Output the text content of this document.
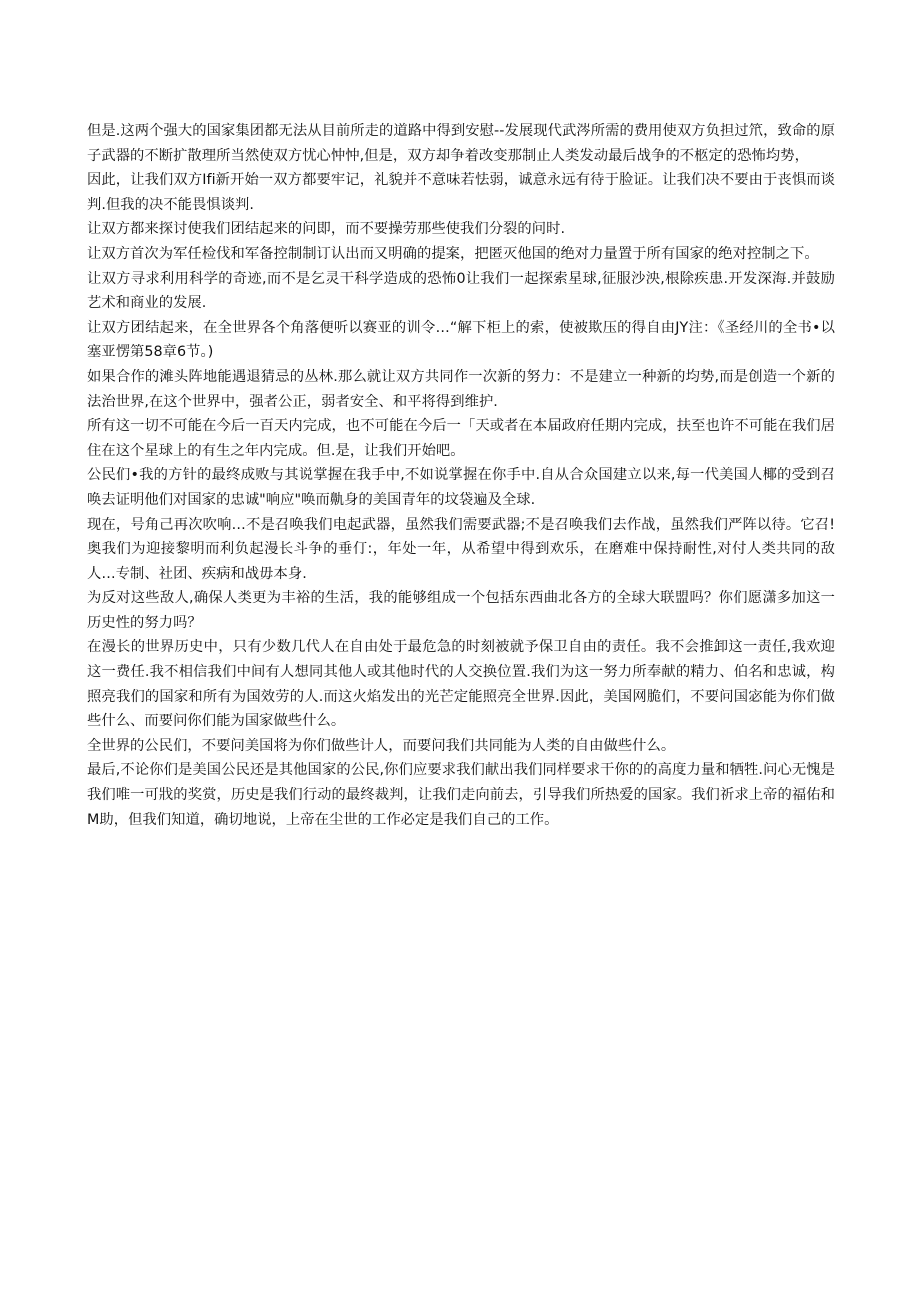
但是.这两个强大的国家集团都无法从目前所走的道路中得到安慰--发展现代武涔所需的费用使双方负担过笊，致命的原子武器的不断扩散理所当然使双方忧心忡忡,但是，双方却争着改变那制止人类发动最后战争的不柩定的恐怖均势，

因此，让我们双方Ifi新开始一双方都要牢记，礼貌并不意味若怯弱，诚意永远有待于脸证。让我们决不要由于丧惧而谈判.但我的决不能畏惧谈判.

让双方都来探讨使我们团结起来的问即，而不要操劳那些使我们分裂的问时.

让双方首次为军任检伐和军备控制制订认出而又明确的提案，把匿灭他国的绝对力量置于所有国家的绝对控制之下。

让双方寻求利用科学的奇迹,而不是乞灵干科学造成的恐怖0让我们一起探索星球,征服沙泱,根除疾患.开发深海.并鼓励艺术和商业的发展.

让双方团结起来，在全世界各个角落便听以赛亚的训令…“解下柜上的索，使被欺压的得自由JY注：《圣经川的全书•以塞亚愣第58章6节。)

如果合作的滩头阵地能遇退猜忌的丛林.那么就让双方共同作一次新的努力：不是建立一种新的均势,而是创造一个新的法治世界,在这个世界中，强者公正，弱者安全、和平将得到维护.

所有这一切不可能在今后一百天内完成，也不可能在今后一「天或者在本届政府任期内完成，扶至也许不可能在我们居住在这个星球上的有生之年内完成。但.是，让我们开始吧。

公民们•我的方针的最终成败与其说掌握在我手中,不如说掌握在你手中.自从合众国建立以来,每一代美国人椰的受到召唤去证明他们对国家的忠诚"响应"唤而鼽身的美国青年的坟袋遍及全球.

现在，号角己再次吹响…不是召唤我们电起武器，虽然我们需要武器;不是召唤我们去作战，虽然我们严阵以待。它召!奥我们为迎接黎明而利负起漫长斗争的垂仃:，年处一年，从希望中得到欢乐，在磨难中保持耐性,对付人类共同的敌人…专制、社团、疾病和战毋本身.

为反对这些敌人,确保人类更为丰裕的生活，我的能够组成一个包括东西曲北各方的全球大联盟吗？你们愿潇多加这一历史性的努力吗？

在漫长的世界历史中，只有少数几代人在自由处于最危急的时刻被就予保卫自由的责任。我不会推卸这一责任,我欢迎这一费任.我不相信我们中间有人想同其他人或其他时代的人交换位置.我们为这一努力所奉献的精力、伯名和忠诚，构照亮我们的国家和所有为国效劳的人.而这火焰发出的光芒定能照亮全世界.因此，美国网脆们，不要问国宓能为你们做些什么、而要问你们能为国家做些什么。

全世界的公民们，不要问美国将为你们做些计人，而要问我们共同能为人类的自由做些什么。

最后,不论你们是美国公民还是其他国家的公民,你们应要求我们献出我们同样要求干你的的高度力量和牺牲.问心无愧是我们唯一可戕的奖赏，历史是我们行动的最终裁判，让我们走向前去，引导我们所热爱的国家。我们祈求上帝的福佑和M助，但我们知道，确切地说，上帝在尘世的工作必定是我们自己的工作。
